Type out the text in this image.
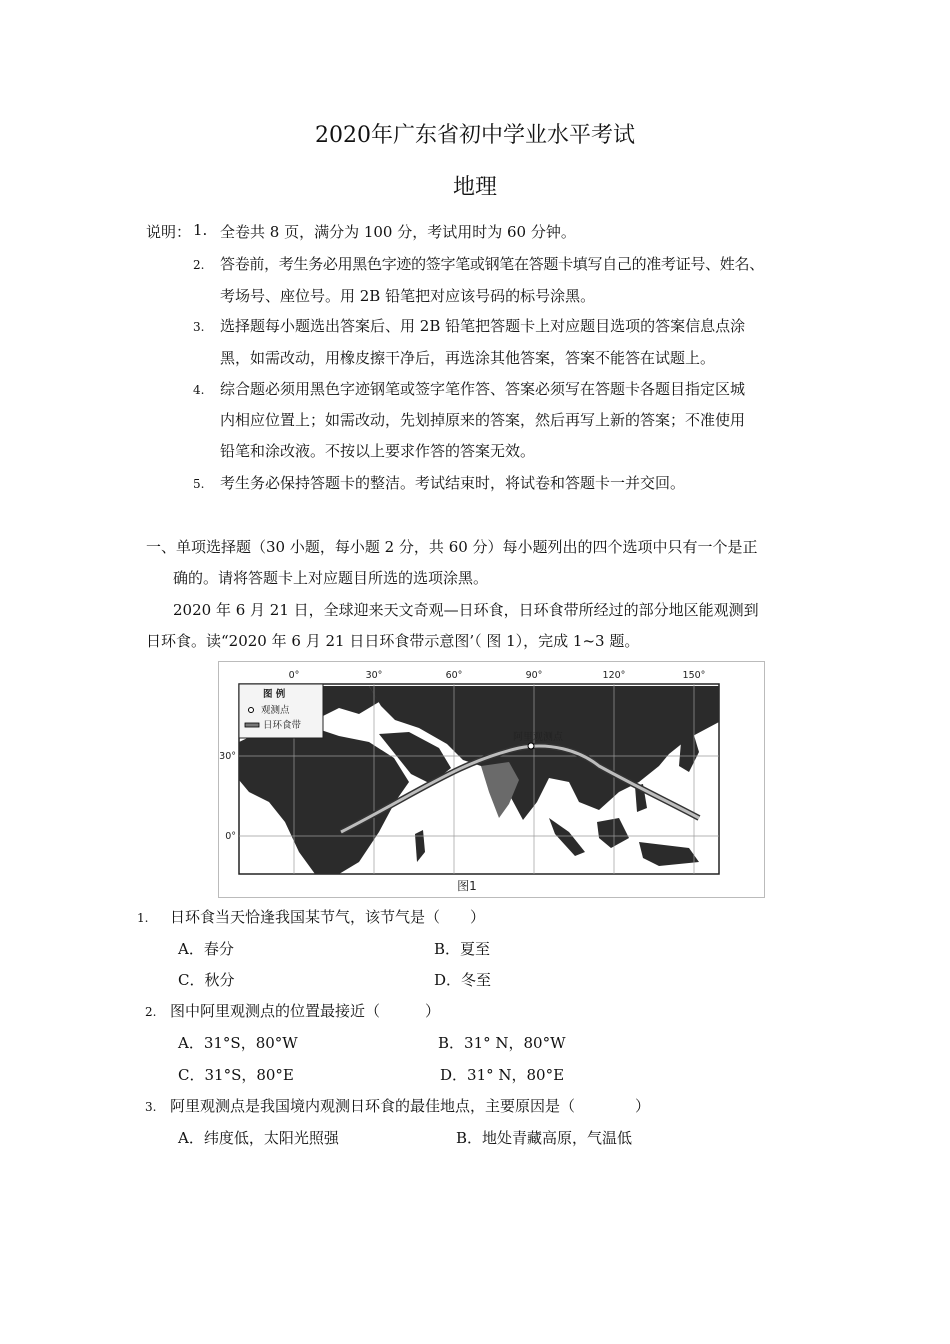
2020年广东省初中学业水平考试
地理
说明： 1. 全卷共 8 页，满分为 100 分，考试用时为 60 分钟。
2. 答卷前，考生务必用黑色字迹的签字笔或钢笔在答题卡填写自己的准考证号、姓名、
考场号、座位号。用 2B 铅笔把对应该号码的标号涂黑。
3. 选择题每小题选出答案后、用 2B 铅笔把答题卡上对应题目选项的答案信息点涂
黑，如需改动，用橡皮擦干净后，再选涂其他答案，答案不能答在试题上。
4. 综合题必须用黑色字迹钢笔或签字笔作答、答案必须写在答题卡各题目指定区城
内相应位置上；如需改动，先划掉原来的答案，然后再写上新的答案；不准使用
铅笔和涂改液。不按以上要求作答的答案无效。
5. 考生务必保持答题卡的整洁。考试结束时，将试卷和答题卡一并交回。
一、单项选择题（30 小题，每小题 2 分，共 60 分）每小题列出的四个选项中只有一个是正
确的。请将答题卡上对应题目所选的选项涂黑。
2020 年 6 月 21 日，全球迎来天文奇观—日环食，日环食带所经过的部分地区能观测到
日环食。读“2020 年 6 月 21 日日环食带示意图’（ 图 1），完成 1~3 题。
0°	30°	60°	90°	120°	150°
30°
0°
图 例
观测点
日环食带
阿里观测点
图1
1. 日环食当天恰逢我国某节气，该节气是（　　）
A．春分	B．夏至
C．秋分	D．冬至
2. 图中阿里观测点的位置最接近（　　　）
A．31°S，80°W	B．31° N，80°W
C．31°S，80°E	D．31° N，80°E
3. 阿里观测点是我国境内观测日环食的最佳地点，主要原因是（　　　　）
A．纬度低，太阳光照强	B．地处青藏高原，气温低
